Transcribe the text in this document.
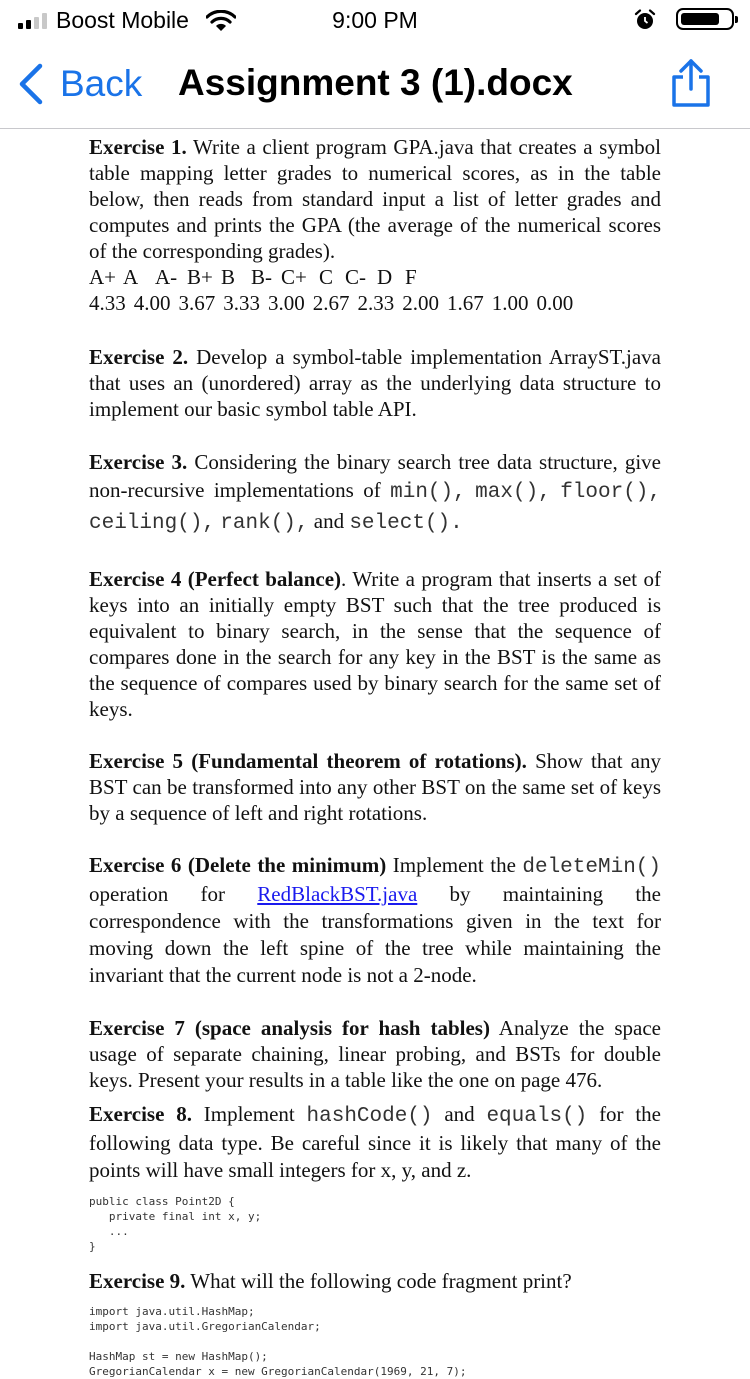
Boost Mobile	9:00 PM
Back Assignment 3 (1).docx

Exercise 1. Write a client program GPA.java that creates a symbol table mapping letter grades to numerical scores, as in the table below, then reads from standard input a list of letter grades and computes and prints the GPA (the average of the numerical scores of the corresponding grades).

A+ A A- B+ B B- C+ C C- D F
4.33 4.00 3.67 3.33 3.00 2.67 2.33 2.00 1.67 1.00 0.00

Exercise 2. Develop a symbol-table implementation ArrayST.java that uses an (unordered) array as the underlying data structure to implement our basic symbol table API.

Exercise 3. Considering the binary search tree data structure, give non-recursive implementations of min(), max(), floor(), ceiling(), rank(), and select().

Exercise 4 (Perfect balance). Write a program that inserts a set of keys into an initially empty BST such that the tree produced is equivalent to binary search, in the sense that the sequence of compares done in the search for any key in the BST is the same as the sequence of compares used by binary search for the same set of keys.

Exercise 5 (Fundamental theorem of rotations). Show that any BST can be transformed into any other BST on the same set of keys by a sequence of left and right rotations.

Exercise 6 (Delete the minimum) Implement the deleteMin() operation for RedBlackBST.java by maintaining the correspondence with the transformations given in the text for moving down the left spine of the tree while maintaining the invariant that the current node is not a 2-node.

Exercise 7 (space analysis for hash tables) Analyze the space usage of separate chaining, linear probing, and BSTs for double keys. Present your results in a table like the one on page 476.

Exercise 8. Implement hashCode() and equals() for the following data type. Be careful since it is likely that many of the points will have small integers for x, y, and z.

public class Point2D {
private final int x, y;
...
}

Exercise 9. What will the following code fragment print?

import java.util.HashMap;
import java.util.GregorianCalendar;
HashMap st = new HashMap();
GregorianCalendar x = new GregorianCalendar(1969, 21, 7);
